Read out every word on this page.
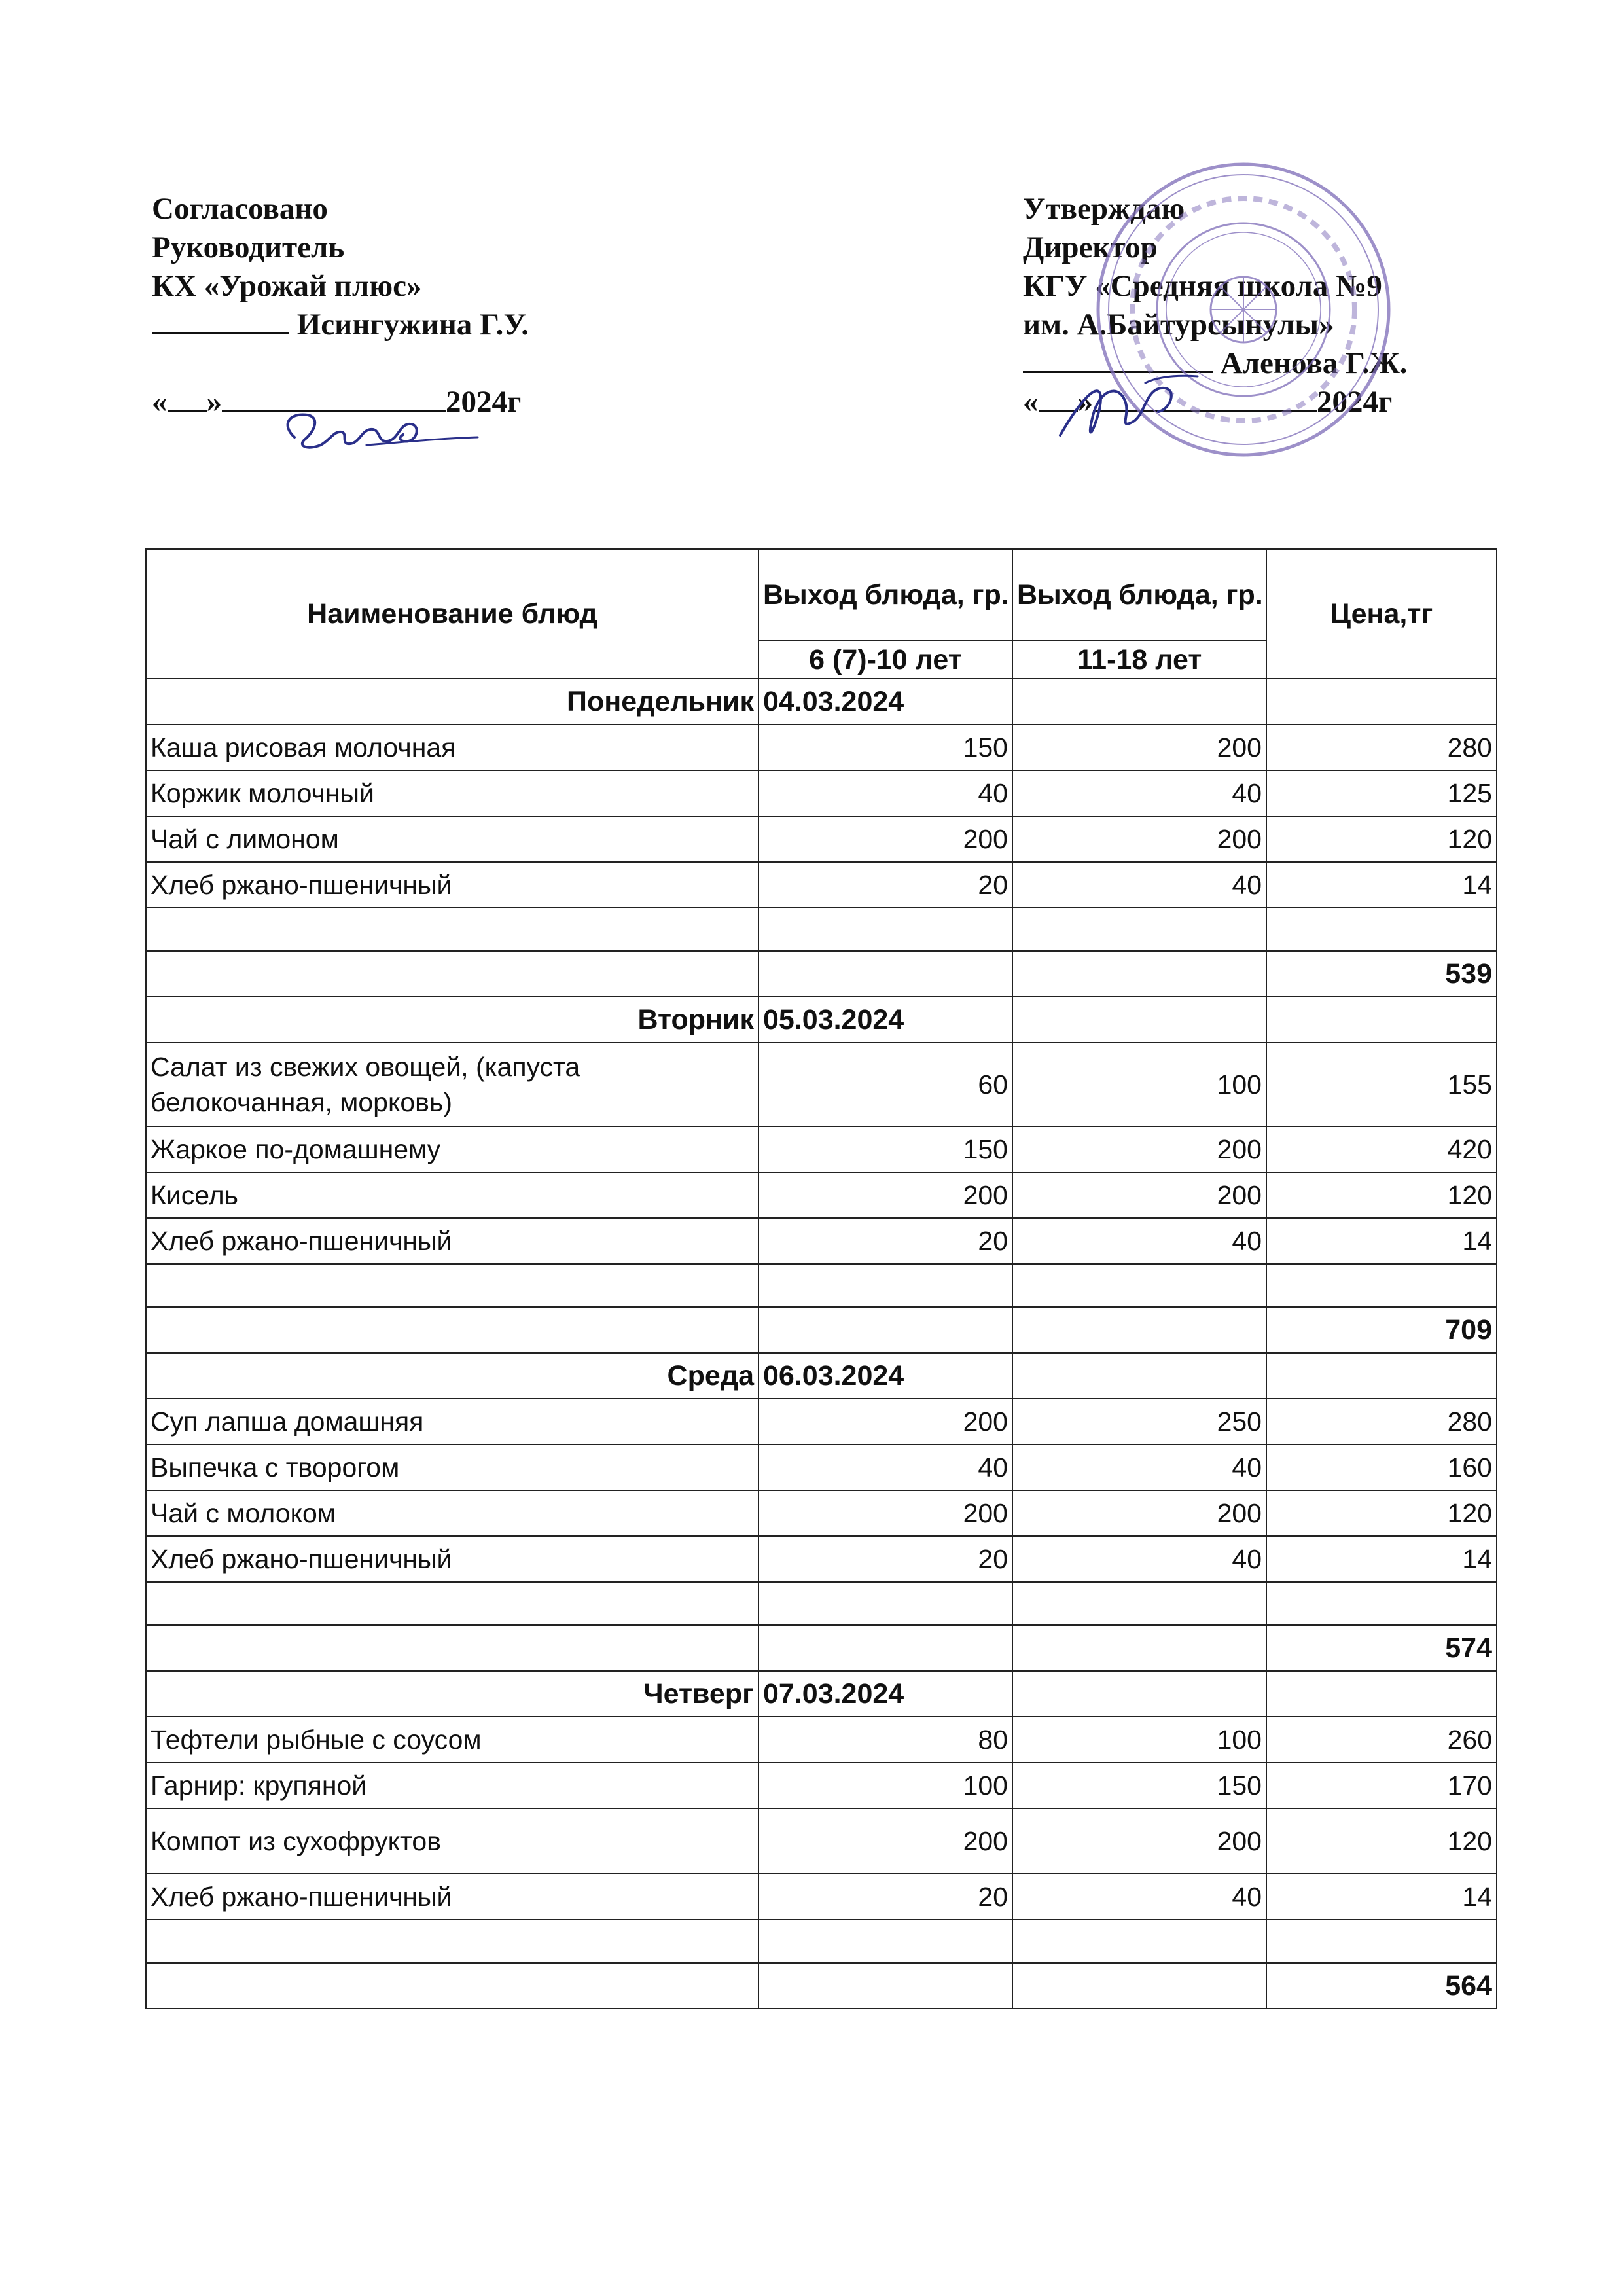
Согласовано
Руководитель
КХ «Урожай плюс»
Исингужина Г.У.
« »	2024г
Утверждаю
Директор
КГУ «Средняя школа №9
им. А.Байтурсынулы»
Аленова Г.Ж.
« »	2024г
Наименование блюд	Выход блюда, гр.	Выход блюда, гр.	Цена,тг
	6 (7)-10 лет	11-18 лет	
Понедельник	04.03.2024		
Каша рисовая молочная	150	200	280
Коржик молочный	40	40	125
Чай с лимоном	200	200	120
Хлеб ржано-пшеничный	20	40	14

			539
Вторник	05.03.2024		
Салат из свежих овощей, (капуста белокочанная, морковь)	60	100	155
Жаркое по-домашнему	150	200	420
Кисель	200	200	120
Хлеб ржано-пшеничный	20	40	14

			709
Среда	06.03.2024		
Суп лапша домашняя	200	250	280
Выпечка с творогом	40	40	160
Чай с молоком	200	200	120
Хлеб ржано-пшеничный	20	40	14

			574
Четверг	07.03.2024		
Тефтели рыбные с соусом	80	100	260
Гарнир: крупяной	100	150	170
Компот из сухофруктов	200	200	120
Хлеб ржано-пшеничный	20	40	14

			564
